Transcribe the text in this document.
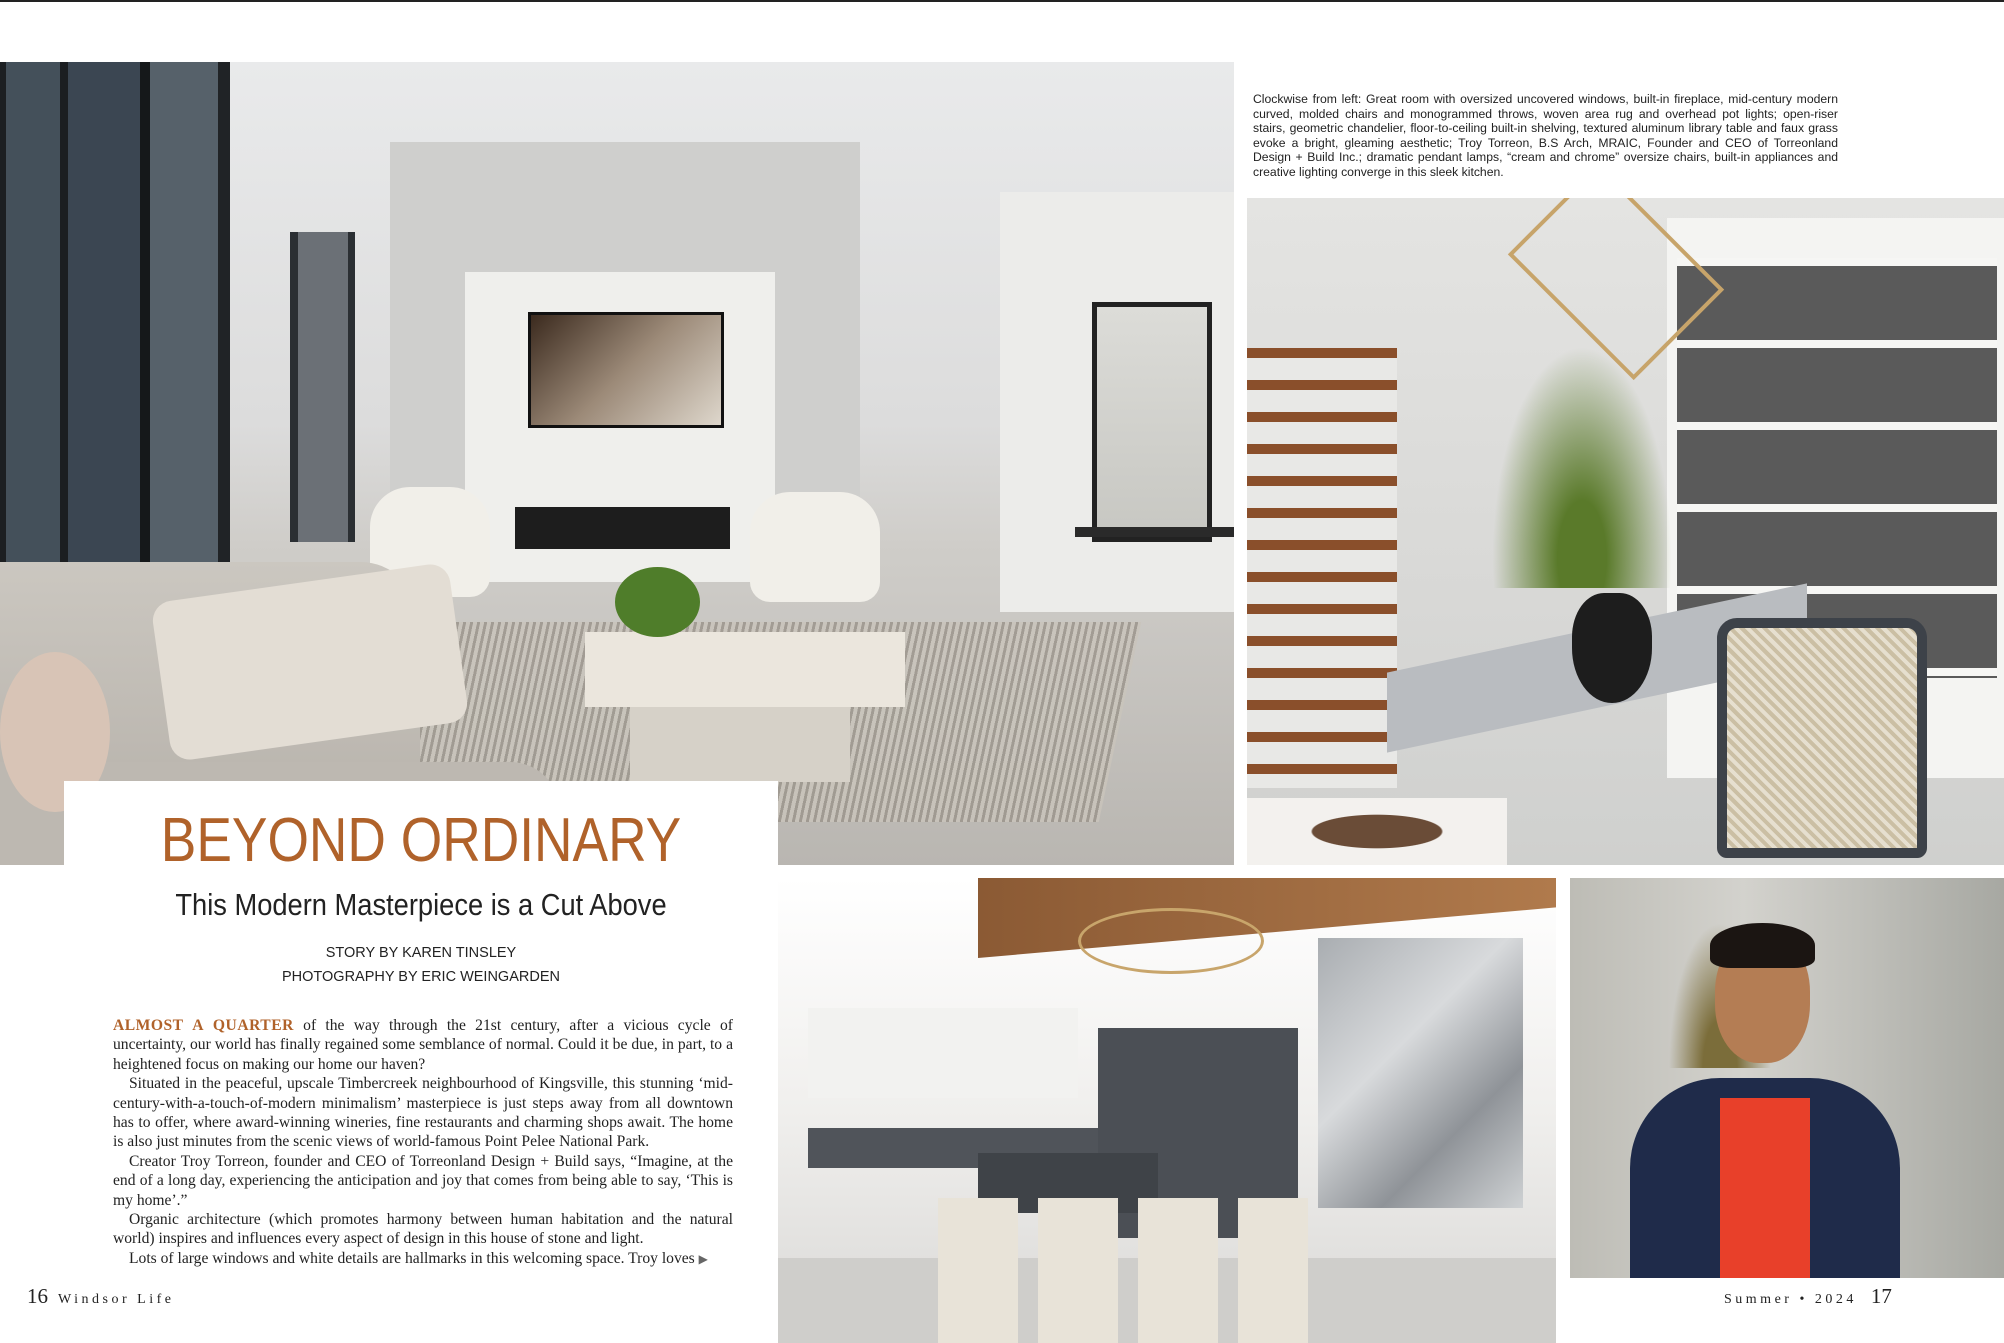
Clockwise from left: Great room with oversized uncovered windows, built-in fireplace, mid-century modern curved, molded chairs and monogrammed throws, woven area rug and overhead pot lights; open-riser stairs, geometric chandelier, floor-to-ceiling built-in shelving, textured aluminum library table and faux grass evoke a bright, gleaming aesthetic; Troy Torreon, B.S Arch, MRAIC, Founder and CEO of Torreonland Design + Build Inc.; dramatic pendant lamps, “cream and chrome” oversize chairs, built-in appliances and creative lighting converge in this sleek kitchen.
BEYOND ORDINARY
This Modern Masterpiece is a Cut Above
STORY BY KAREN TINSLEY
PHOTOGRAPHY BY ERIC WEINGARDEN

ALMOST A QUARTER of the way through the 21st century, after a vicious cycle of uncertainty, our world has finally regained some semblance of normal. Could it be due, in part, to a heightened focus on making our home our haven?

Situated in the peaceful, upscale Timbercreek neighbourhood of Kingsville, this stunning ‘mid-century-with-a-touch-of-modern minimalism’ masterpiece is just steps away from all downtown has to offer, where award-winning wineries, fine restaurants and charming shops await. The home is also just minutes from the scenic views of world-famous Point Pelee National Park.

Creator Troy Torreon, founder and CEO of Torreonland Design + Build says, “Imagine, at the end of a long day, experiencing the anticipation and joy that comes from being able to say, ‘This is my home’.”

Organic architecture (which promotes harmony between human habitation and the natural world) inspires and influences every aspect of design in this house of stone and light.

Lots of large windows and white details are hallmarks in this welcoming space. Troy loves ▶

16 Windsor Life	Summer • 2024 17
